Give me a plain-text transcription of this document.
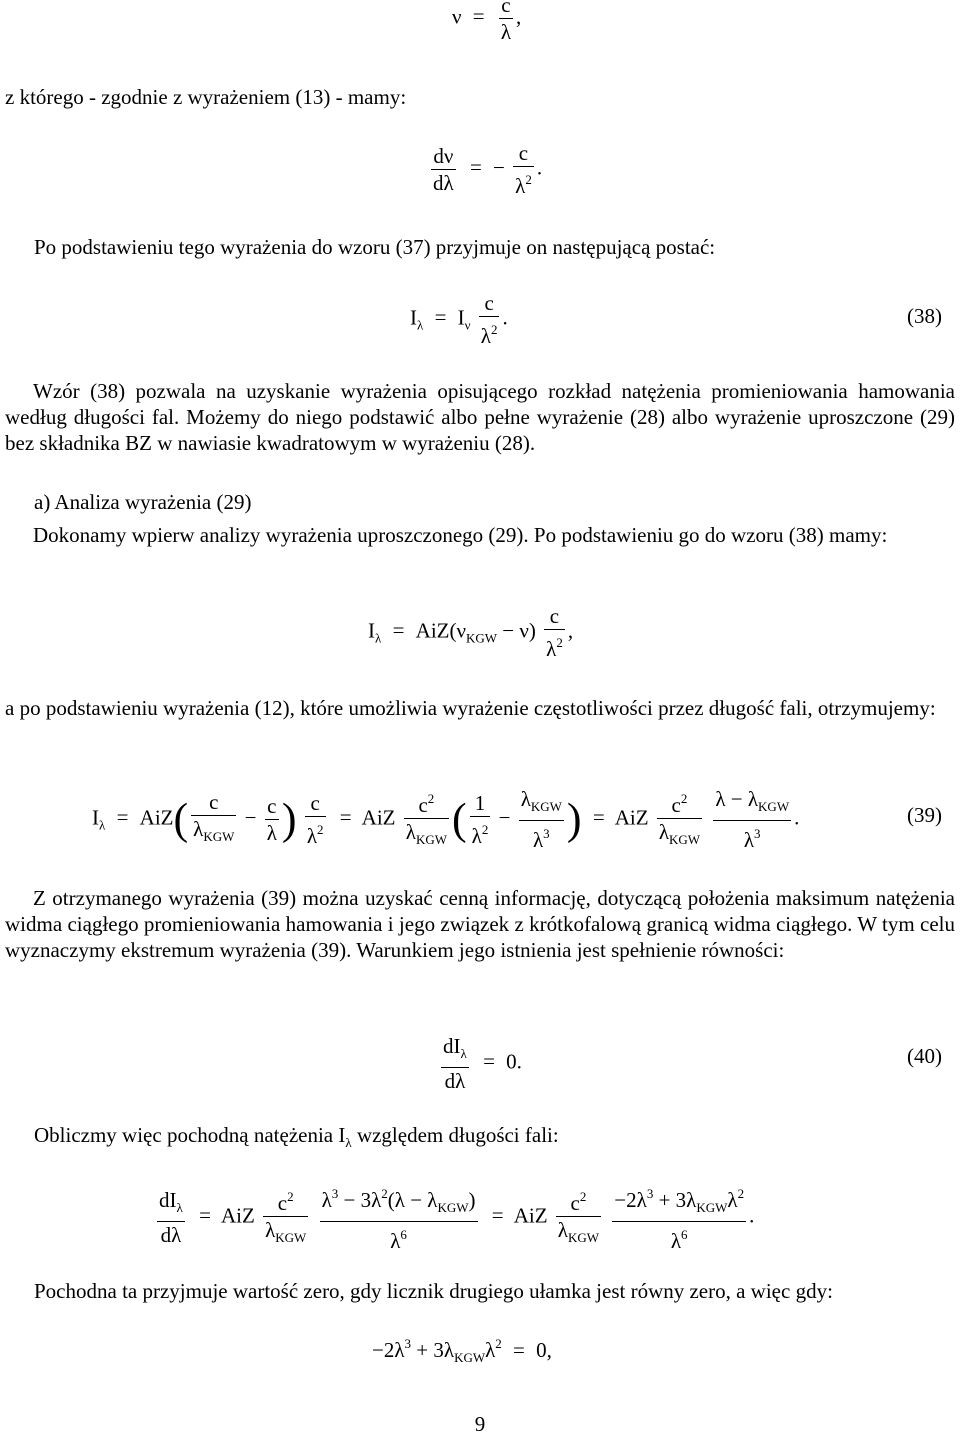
$\nu = \frac{c}{\lambda}$ ,
z którego - zgodnie z wyrażeniem (13) - mamy:
$\frac{d\nu}{d\lambda}$ = − $\frac{c}{\lambda^2}$ .
Po podstawieniu tego wyrażenia do wzoru (37) przyjmuje on następującą postać:
$I_\lambda = I_\nu \frac{c}{\lambda^2}$ .	(38)
Wzór (38) pozwala na uzyskanie wyrażenia opisującego rozkład natężenia promieniowania hamowania według długości fal. Możemy do niego podstawić albo pełne wyrażenie (28) albo wyrażenie uproszczone (29) bez składnika BZ w nawiasie kwadratowym w wyrażeniu (28).
a) Analiza wyrażenia (29)
Dokonamy wpierw analizy wyrażenia uproszczonego (29). Po podstawieniu go do wzoru (38) mamy:
$I_\lambda = AiZ(\nu_{KGW} - \nu) \frac{c}{\lambda^2}$ ,
a po podstawieniu wyrażenia (12), które umożliwia wyrażenie częstotliwości przez długość fali, otrzymujemy:
$I_\lambda = AiZ( \frac{c}{\lambda_{KGW}} - \frac{c}{\lambda}$ ) $\frac{c}{\lambda^2}$ = AiZ $\frac{c^2}{\lambda_{KGW}}$ ( $\frac{1}{\lambda^2} - \frac{\lambda_{KGW}}{\lambda^3}$ ) = AiZ $\frac{c^2}{\lambda_{KGW}}$
$\frac{\lambda - \lambda_{KGW}}{\lambda^3}$ .	(39)
Z otrzymanego wyrażenia (39) można uzyskać cenną informację, dotyczącą położenia maksimum natężenia widma ciągłego promieniowania hamowania i jego związek z krótkofalową granicą widma ciągłego. W tym celu wyznaczymy ekstremum wyrażenia (39). Warunkiem jego istnienia jest spełnienie równości:
$\frac{dI_\lambda}{d\lambda} = 0$.	(40)
Obliczmy więc pochodną natężenia $I_\lambda$ względem długości fali:
$\frac{dI_\lambda}{d\lambda}$ = AiZ $\frac{c^2}{\lambda_{KGW}}$
$\frac{\lambda^3 - 3\lambda^2(\lambda - \lambda_{KGW})}{\lambda^6}$ = AiZ $\frac{c^2}{\lambda_{KGW}}$
$\frac{-2\lambda^3 + 3\lambda_{KGW}\lambda^2}{\lambda^6}$ .
Pochodna ta przyjmuje wartość zero, gdy licznik drugiego ułamka jest równy zero, a więc gdy:
$-2\lambda^3 + 3\lambda_{KGW}\lambda^2 = 0$,
9
